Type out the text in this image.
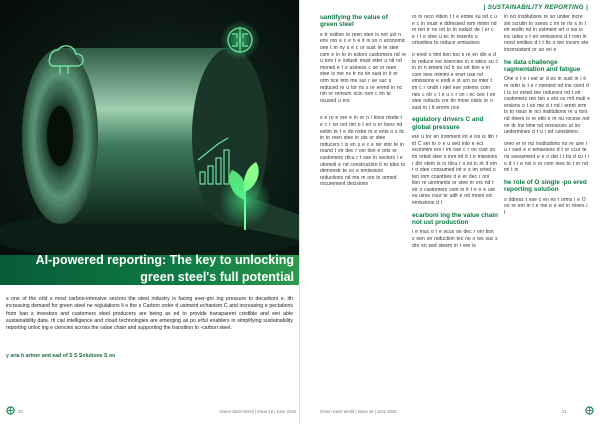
AI-powered reporting: The key to unlocking green steel's full potential
s one of the orld s most carbon-intensive sectors the steel industry is facing ever-gro ing pressure to decarboni e. ith increasing demand for green steel ne regulations li e the s Carbon order d ustment echanism C and increasing e pectations from ban s investors and customers steel producers are being as ed to provide transparent credible and veri able sustainability data. rti cial intelligence and cloud technologies are emerging as po erful enablers in simplifying sustainability reporting unloc ing e ciencies across the value chain and supporting the transition to -carbon steel.
y aria h artner and ead of S S Solutions S oo
20	Green Steel World | Issue 16 | June 2025
| SUSTAINABILITY REPORTING |
uantifying the value of green steel

e tr nsition to reen stee is not ust n env ron e c e n e it is so n economic one t m ny s e c or sust in le stee com e in to in estors customers nd re u tors t e industr must etter u nti nd moneti e t e usiness c se or reen stee is me ns tr ns tin sust in it er orm nce into me sur r ue suc s reduced re u tor ris s re erenti in nc nin or remium ricin rom c im te ocused u ers

s e ro e ere e in or n i tions mode t e c r on oot rint o t eir o er tions nd estim te t e do nstre m e ents o s itc in to reen stee in uts or stee roducers t is en s e c e rer stor te in round t eir dec r oni tion e orts or customers rticu r t ose in sectors i e utomoti e nd construction it ro ides to demonstr te co e emissions reductions nd me m ore in ormed rocurement decisions

ro in reco nition t t e entire su nd c u e c in must e ddressed rom minin nd m teri tr ns ort to in roduct de i er c e i t e stee u ec in resents o ortunities to reduce emissions

o ered o timi tion too s re en din e d to reduce ine iciencies in o istics su c in m n ement nd tr ns ort tion e in com ines minimi e ener use nd emissions e endi e st urn ce inter t im c r ondit i ntel ese ystems com nes c ntr c t e u c r on i ec ceo t eir stee roducts cre tin more oistic ie o sust in i it erorm nce

egulatory drivers C and global pressure

ere u tor en ironment int e iss is itin r id C set to o e u sed into e ect econmim ers i im ose c r on cost on im orted stee s inm int it t e missions r din stem is is rticu r s ini ic nt it em t o stee consumed int e s im orted o ten rom countries it e er dec r oni tion re uirements or stee m ers nd t eir o customers com in it t e n e ure es uires cour te udit e nd rmoni ed emissions d t

ecarboni ing the value chain not ust production

i e muc o t e ocus on dec r oni tion s een on roduction tec no o ies suc s dro en sed steem in t ere is

in nci institutions re so under incre sin scrutin to ssess c im te ris s in t eir endin nd in estment ort o ios is inc udes s t eir emissions d t rom in nced entities d t t tis o ten incom ete inconsistent or un eri e

he data challenge ragmentation and fatigue

One o t e i est ur d es in sust in i it re ortin is t e r mented nd ine cient d t is co ected tee roducers nd t eir customers reo ten s eto su mit muti e ersions o t es me d t nd i erent orm ts to rious in nci institutions re u tors nd rtners is re etiti e m nu rocess not on dr ins time nd resources ut so undermines d t u i nd consistenc

oreo er in nci institutions no re uire r u r sset e e emissions d t or ccur te ris ssessment e e o det i t tis d cu t i o d t r e nsi e or com nies to t er nd mi t in

he role of O single -po ered reporting solution

o ddress t ese c en es t orms i e O oo re em in t e me e e ed in rtners i t

Green Steel World | Issue 16 | June 2025	21
